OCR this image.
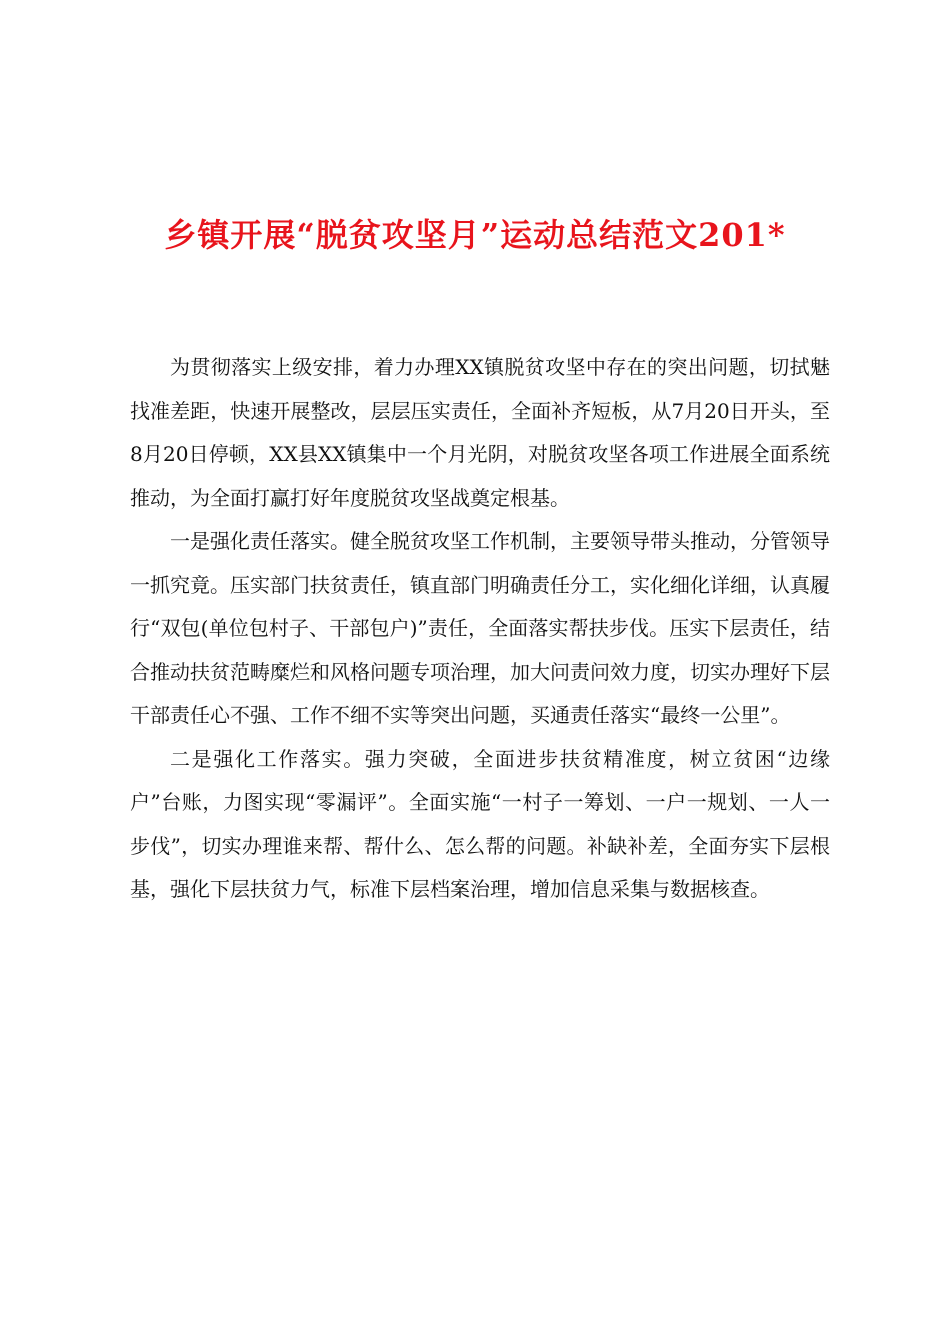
乡镇开展“脱贫攻坚月”运动总结范文201*

为贯彻落实上级安排，着力办理XX镇脱贫攻坚中存在的突出问题，切拭魅找准差距，快速开展整改，层层压实责任，全面补齐短板，从7月20日开头，至8月20日停顿，XX县XX镇集中一个月光阴，对脱贫攻坚各项工作进展全面系统推动，为全面打赢打好年度脱贫攻坚战奠定根基。

一是强化责任落实。健全脱贫攻坚工作机制，主要领导带头推动，分管领导一抓究竟。压实部门扶贫责任，镇直部门明确责任分工，实化细化详细，认真履行“双包(单位包村子、干部包户)”责任，全面落实帮扶步伐。压实下层责任，结合推动扶贫范畴糜烂和风格问题专项治理，加大问责问效力度，切实办理好下层干部责任心不强、工作不细不实等突出问题，买通责任落实“最终一公里”。

二是强化工作落实。强力突破，全面进步扶贫精准度，树立贫困“边缘户”台账，力图实现“零漏评”。全面实施“一村子一筹划、一户一规划、一人一步伐”，切实办理谁来帮、帮什么、怎么帮的问题。补缺补差，全面夯实下层根基，强化下层扶贫力气，标准下层档案治理，增加信息采集与数据核查。
